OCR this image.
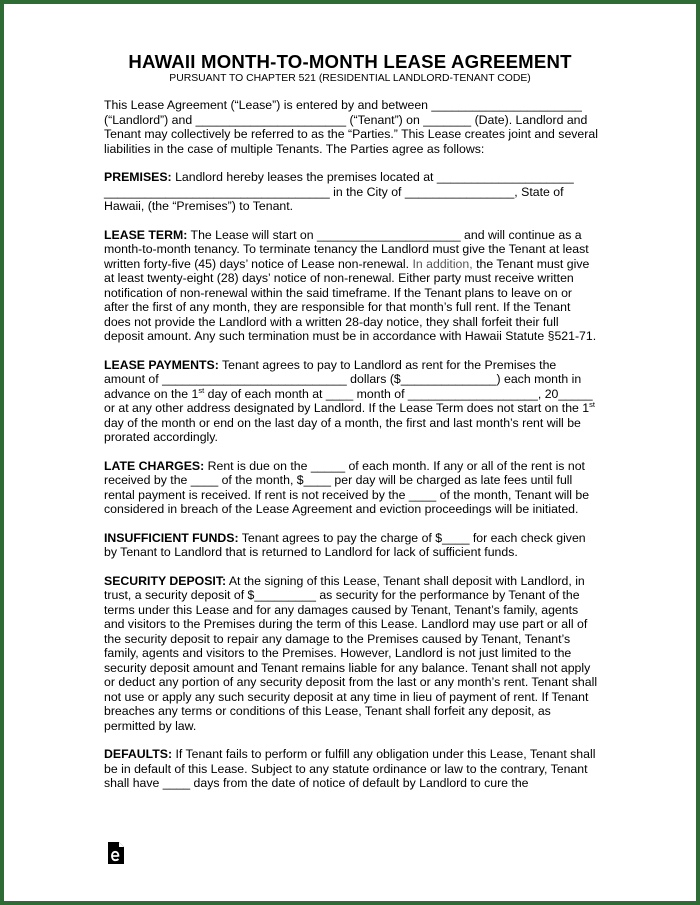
HAWAII MONTH-TO-MONTH LEASE AGREEMENT
PURSUANT TO CHAPTER 521 (RESIDENTIAL LANDLORD-TENANT CODE)

This Lease Agreement (“Lease”) is entered by and between ______________________ (“Landlord”) and ______________________ (“Tenant”) on _______ (Date). Landlord and Tenant may collectively be referred to as the “Parties.” This Lease creates joint and several liabilities in the case of multiple Tenants. The Parties agree as follows:

PREMISES: Landlord hereby leases the premises located at ____________________ _________________________________ in the City of ________________, State of Hawaii, (the “Premises”) to Tenant.

LEASE TERM: The Lease will start on _____________________ and will continue as a month-to-month tenancy. To terminate tenancy the Landlord must give the Tenant at least written forty-five (45) days’ notice of Lease non-renewal. In addition, the Tenant must give at least twenty-eight (28) days’ notice of non-renewal. Either party must receive written notification of non-renewal within the said timeframe. If the Tenant plans to leave on or after the first of any month, they are responsible for that month’s full rent. If the Tenant does not provide the Landlord with a written 28-day notice, they shall forfeit their full deposit amount. Any such termination must be in accordance with Hawaii Statute §521-71.

LEASE PAYMENTS: Tenant agrees to pay to Landlord as rent for the Premises the amount of ___________________________ dollars ($______________) each month in advance on the 1st day of each month at ____ month of ___________________, 20_____ or at any other address designated by Landlord. If the Lease Term does not start on the 1st day of the month or end on the last day of a month, the first and last month’s rent will be prorated accordingly.

LATE CHARGES: Rent is due on the _____ of each month. If any or all of the rent is not received by the ____ of the month, $____ per day will be charged as late fees until full rental payment is received. If rent is not received by the ____ of the month, Tenant will be considered in breach of the Lease Agreement and eviction proceedings will be initiated.

INSUFFICIENT FUNDS: Tenant agrees to pay the charge of $____ for each check given by Tenant to Landlord that is returned to Landlord for lack of sufficient funds.

SECURITY DEPOSIT: At the signing of this Lease, Tenant shall deposit with Landlord, in trust, a security deposit of $_________ as security for the performance by Tenant of the terms under this Lease and for any damages caused by Tenant, Tenant’s family, agents and visitors to the Premises during the term of this Lease. Landlord may use part or all of the security deposit to repair any damage to the Premises caused by Tenant, Tenant’s family, agents and visitors to the Premises. However, Landlord is not just limited to the security deposit amount and Tenant remains liable for any balance. Tenant shall not apply or deduct any portion of any security deposit from the last or any month’s rent. Tenant shall not use or apply any such security deposit at any time in lieu of payment of rent. If Tenant breaches any terms or conditions of this Lease, Tenant shall forfeit any deposit, as permitted by law.

DEFAULTS: If Tenant fails to perform or fulfill any obligation under this Lease, Tenant shall be in default of this Lease. Subject to any statute ordinance or law to the contrary, Tenant shall have ____ days from the date of notice of default by Landlord to cure the
